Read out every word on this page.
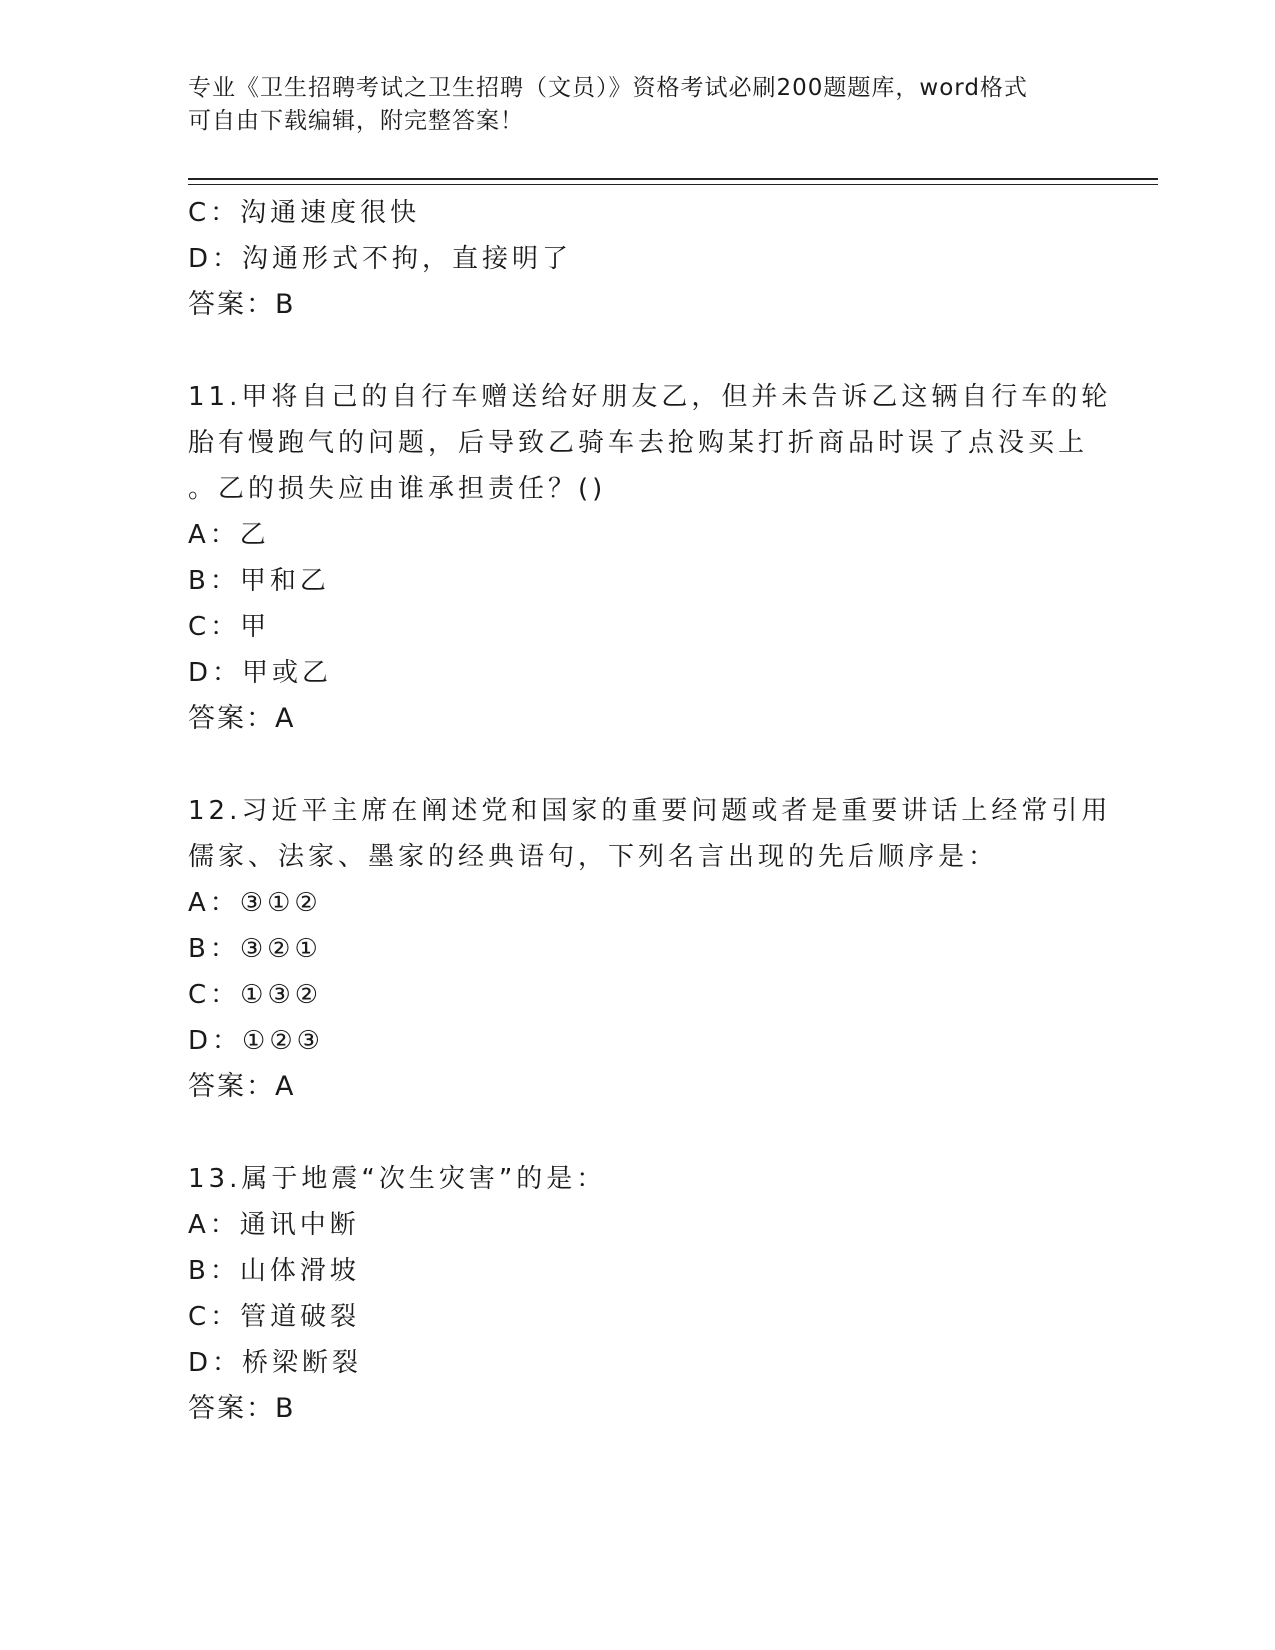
专业《卫生招聘考试之卫生招聘（文员）》资格考试必刷200题题库，word格式
可自由下载编辑，附完整答案！
C：沟通速度很快
D：沟通形式不拘，直接明了
答案：B
11.甲将自己的自行车赠送给好朋友乙，但并未告诉乙这辆自行车的轮
胎有慢跑气的问题，后导致乙骑车去抢购某打折商品时误了点没买上
。乙的损失应由谁承担责任？()
A：乙
B：甲和乙
C：甲
D：甲或乙
答案：A
12.习近平主席在阐述党和国家的重要问题或者是重要讲话上经常引用
儒家、法家、墨家的经典语句，下列名言出现的先后顺序是：
A：③①②
B：③②①
C：①③②
D：①②③
答案：A
13.属于地震“次生灾害”的是：
A：通讯中断
B：山体滑坡
C：管道破裂
D：桥梁断裂
答案：B
